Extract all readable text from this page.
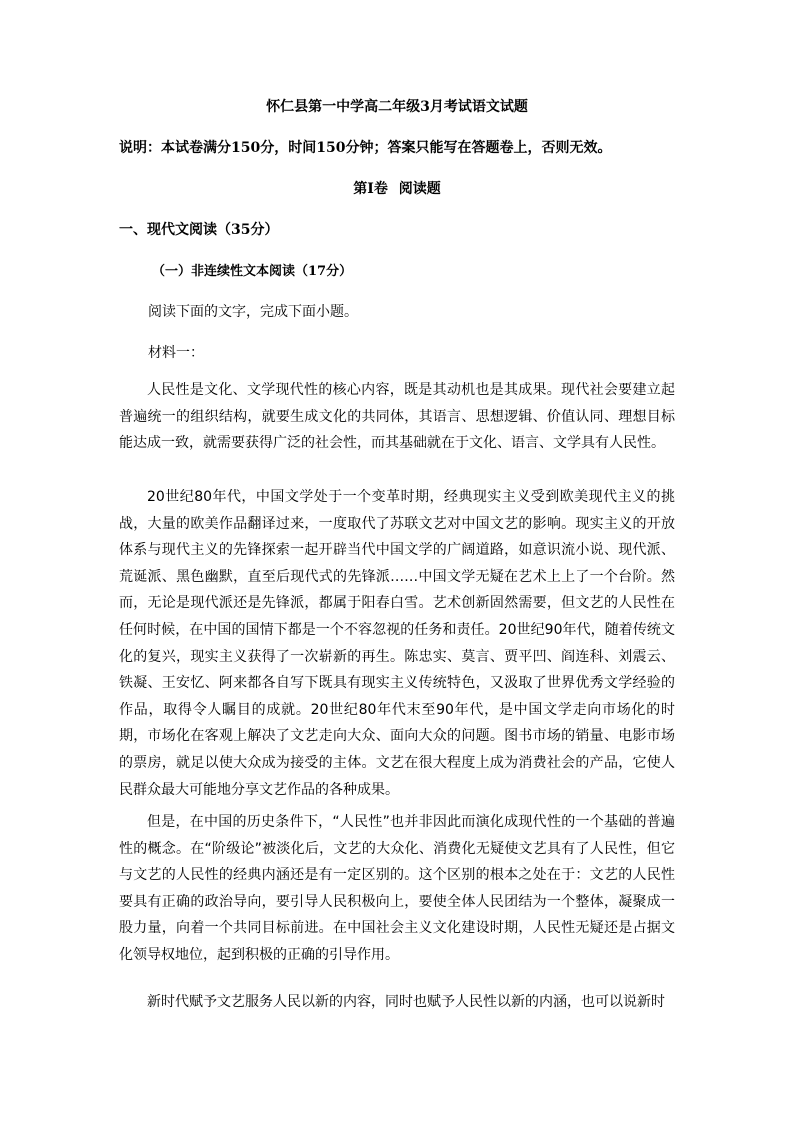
怀仁县第一中学高二年级3月考试语文试题
说明：本试卷满分150分，时间150分钟；答案只能写在答题卷上，否则无效。
第I卷 阅读题
一、现代文阅读（35分）
（一）非连续性文本阅读（17分）
阅读下面的文字，完成下面小题。
材料一：

人民性是文化、文学现代性的核心内容，既是其动机也是其成果。现代社会要建立起普遍统一的组织结构，就要生成文化的共同体，其语言、思想逻辑、价值认同、理想目标能达成一致，就需要获得广泛的社会性，而其基础就在于文化、语言、文学具有人民性。

20世纪80年代，中国文学处于一个变革时期，经典现实主义受到欧美现代主义的挑战，大量的欧美作品翻译过来，一度取代了苏联文艺对中国文艺的影响。现实主义的开放体系与现代主义的先锋探索一起开辟当代中国文学的广阔道路，如意识流小说、现代派、荒诞派、黑色幽默，直至后现代式的先锋派……中国文学无疑在艺术上上了一个台阶。然而，无论是现代派还是先锋派，都属于阳春白雪。艺术创新固然需要，但文艺的人民性在任何时候，在中国的国情下都是一个不容忽视的任务和责任。20世纪90年代，随着传统文化的复兴，现实主义获得了一次崭新的再生。陈忠实、莫言、贾平凹、阎连科、刘震云、铁凝、王安忆、阿来都各自写下既具有现实主义传统特色，又汲取了世界优秀文学经验的作品，取得令人瞩目的成就。20世纪80年代末至90年代，是中国文学走向市场化的时期，市场化在客观上解决了文艺走向大众、面向大众的问题。图书市场的销量、电影市场的票房，就足以使大众成为接受的主体。文艺在很大程度上成为消费社会的产品，它使人民群众最大可能地分享文艺作品的各种成果。

但是，在中国的历史条件下，“人民性”也并非因此而演化成现代性的一个基础的普遍性的概念。在“阶级论”被淡化后，文艺的大众化、消费化无疑使文艺具有了人民性，但它与文艺的人民性的经典内涵还是有一定区别的。这个区别的根本之处在于：文艺的人民性要具有正确的政治导向，要引导人民积极向上，要使全体人民团结为一个整体，凝聚成一股力量，向着一个共同目标前进。在中国社会主义文化建设时期，人民性无疑还是占据文化领导权地位，起到积极的正确的引导作用。

新时代赋予文艺服务人民以新的内容，同时也赋予人民性以新的内涵，也可以说新时
